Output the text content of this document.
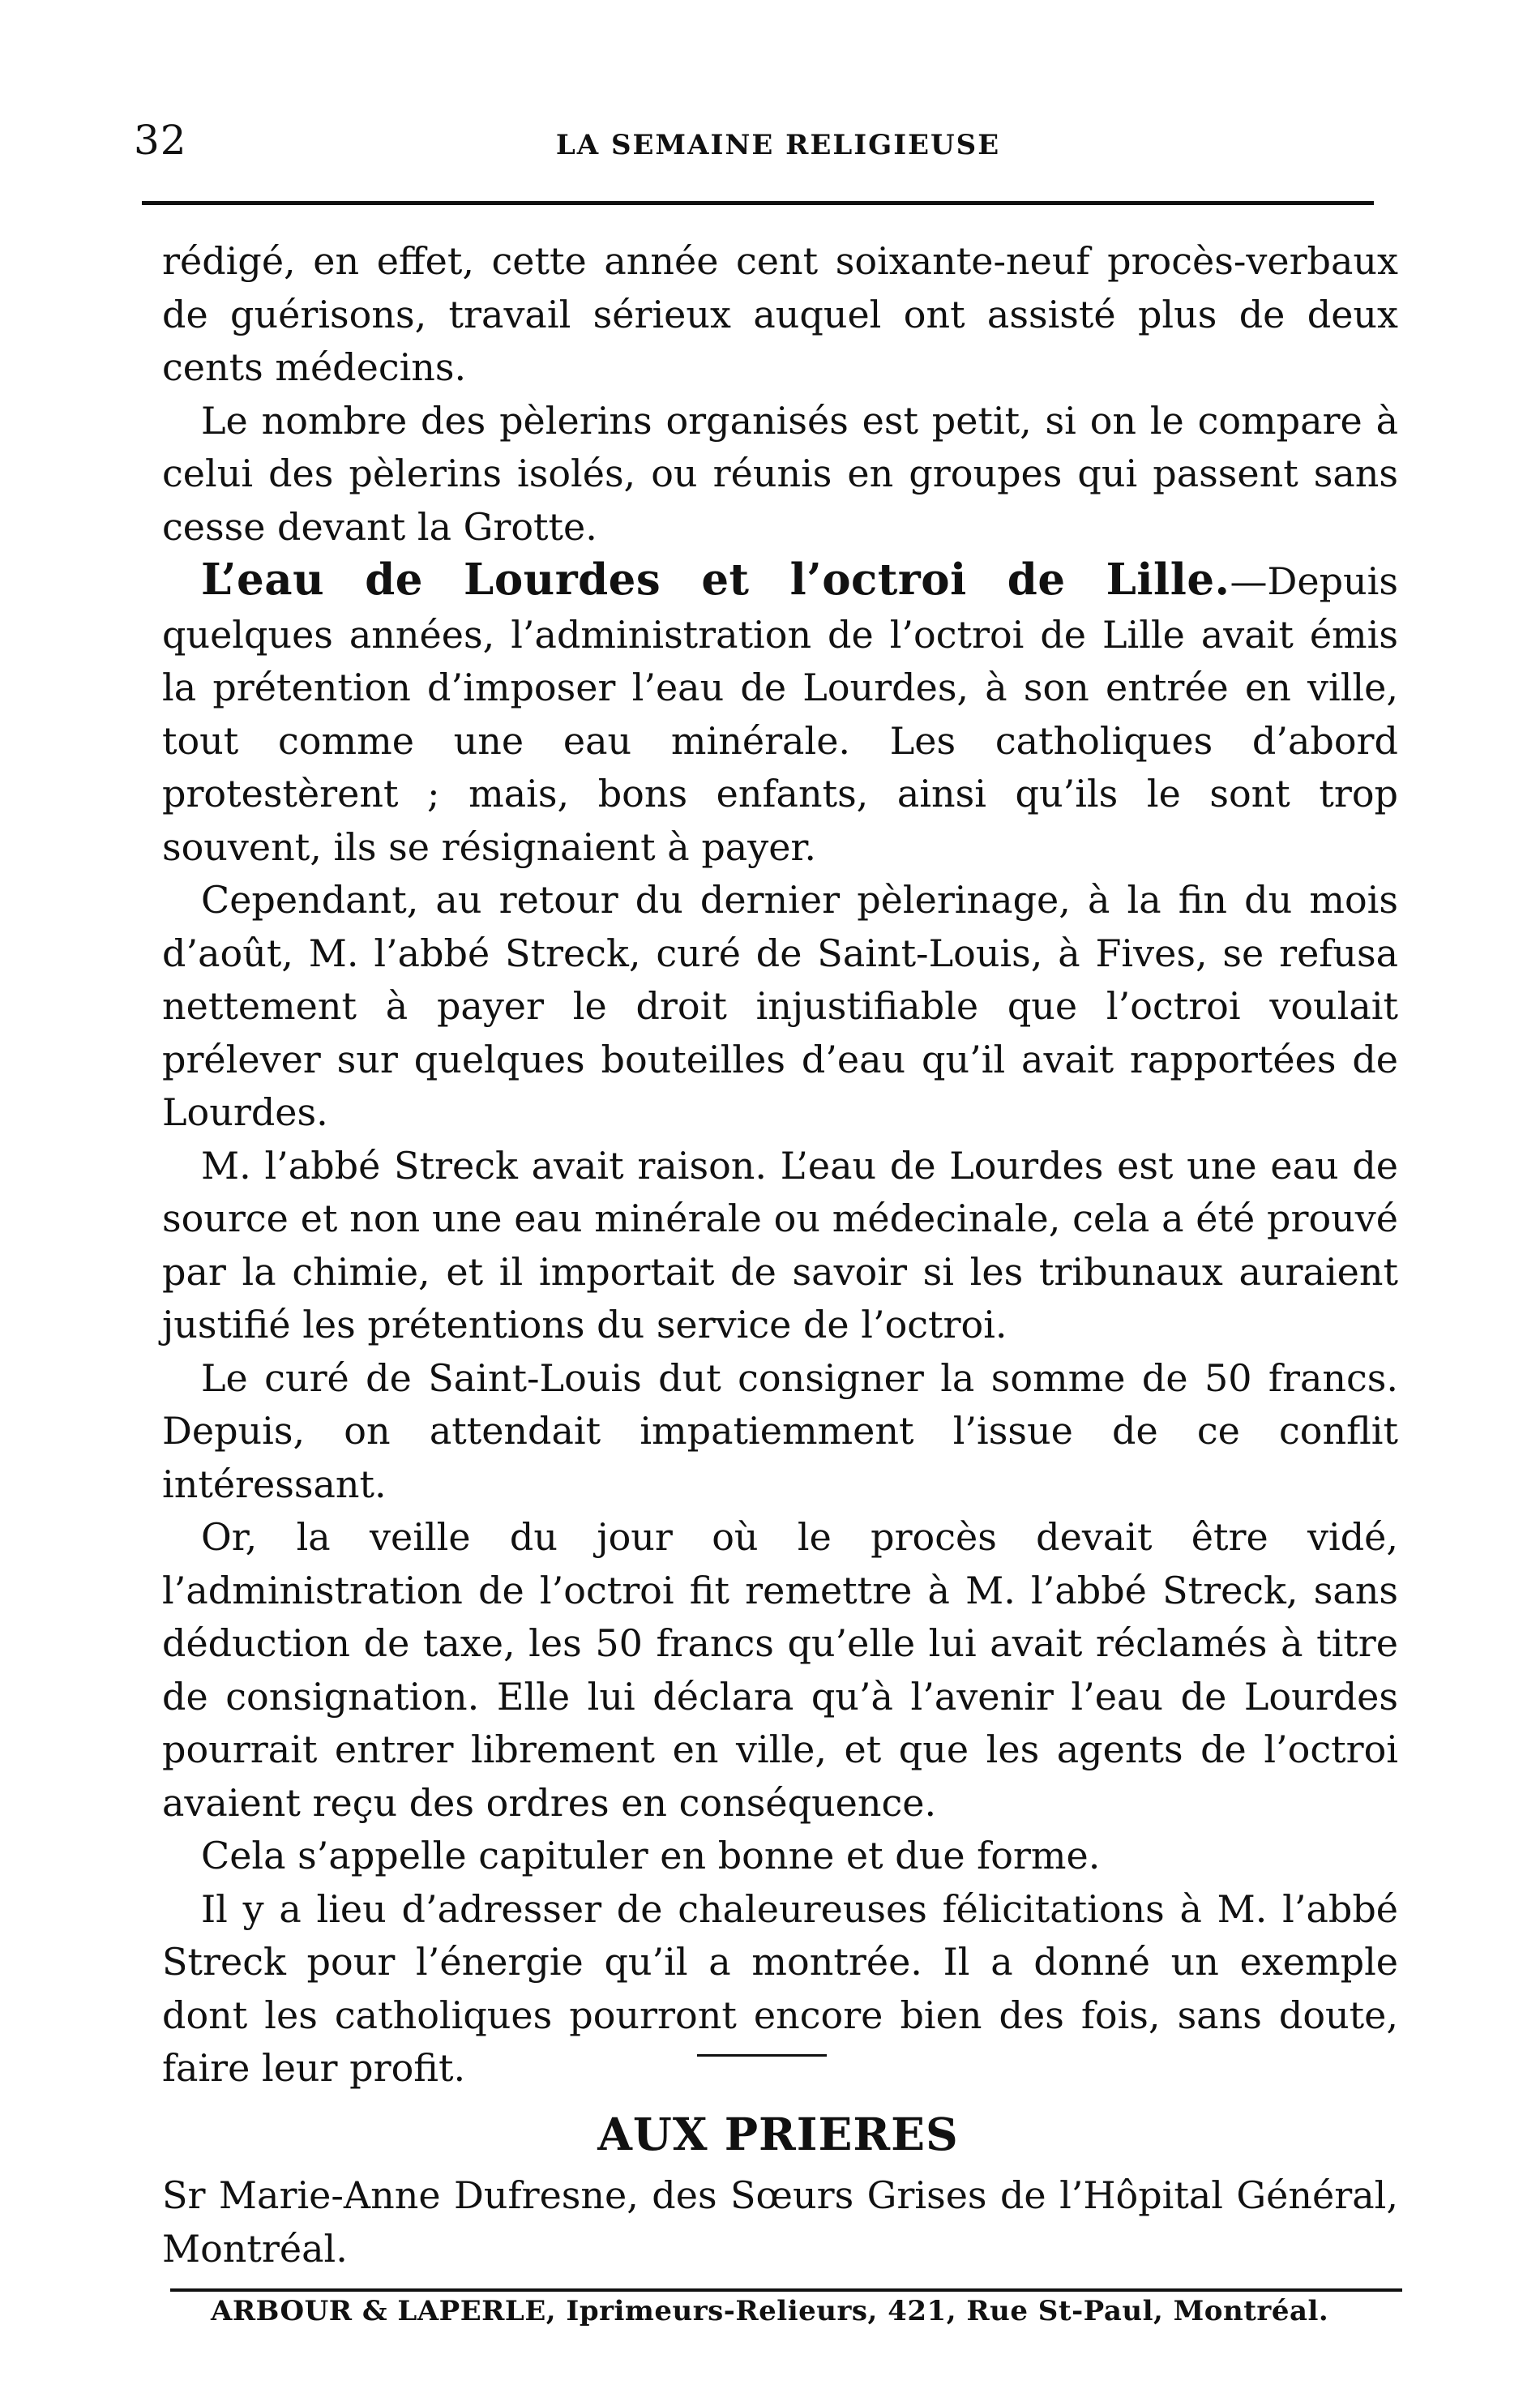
32	LA SEMAINE RELIGIEUSE

rédigé, en effet, cette année cent soixante-neuf procès-verbaux de guérisons, travail sérieux auquel ont assisté plus de deux cents médecins.

Le nombre des pèlerins organisés est petit, si on le compare à celui des pèlerins isolés, ou réunis en groupes qui passent sans cesse devant la Grotte.

L’eau de Lourdes et l’octroi de Lille.—Depuis quelques années, l’administration de l’octroi de Lille avait émis la prétention d’imposer l’eau de Lourdes, à son entrée en ville, tout comme une eau minérale. Les catholiques d’abord protestèrent ; mais, bons enfants, ainsi qu’ils le sont trop souvent, ils se résignaient à payer.

Cependant, au retour du dernier pèlerinage, à la fin du mois d’août, M. l’abbé Streck, curé de Saint-Louis, à Fives, se refusa nettement à payer le droit injustifiable que l’octroi voulait prélever sur quelques bouteilles d’eau qu’il avait rapportées de Lourdes.

M. l’abbé Streck avait raison. L’eau de Lourdes est une eau de source et non une eau minérale ou médecinale, cela a été prouvé par la chimie, et il importait de savoir si les tribunaux auraient justifié les prétentions du service de l’octroi.

Le curé de Saint-Louis dut consigner la somme de 50 francs. Depuis, on attendait impatiemment l’issue de ce conflit intéressant.

Or, la veille du jour où le procès devait être vidé, l’administration de l’octroi fit remettre à M. l’abbé Streck, sans déduction de taxe, les 50 francs qu’elle lui avait réclamés à titre de consignation. Elle lui déclara qu’à l’avenir l’eau de Lourdes pourrait entrer librement en ville, et que les agents de l’octroi avaient reçu des ordres en conséquence.

Cela s’appelle capituler en bonne et due forme.

Il y a lieu d’adresser de chaleureuses félicitations à M. l’abbé Streck pour l’énergie qu’il a montrée. Il a donné un exemple dont les catholiques pourront encore bien des fois, sans doute, faire leur profit.

AUX PRIERES
Sr Marie-Anne Dufresne, des Sœurs Grises de l’Hôpital Général, Montréal.
ARBOUR & LAPERLE, Iprimeurs-Relieurs, 421, Rue St-Paul, Montréal.
